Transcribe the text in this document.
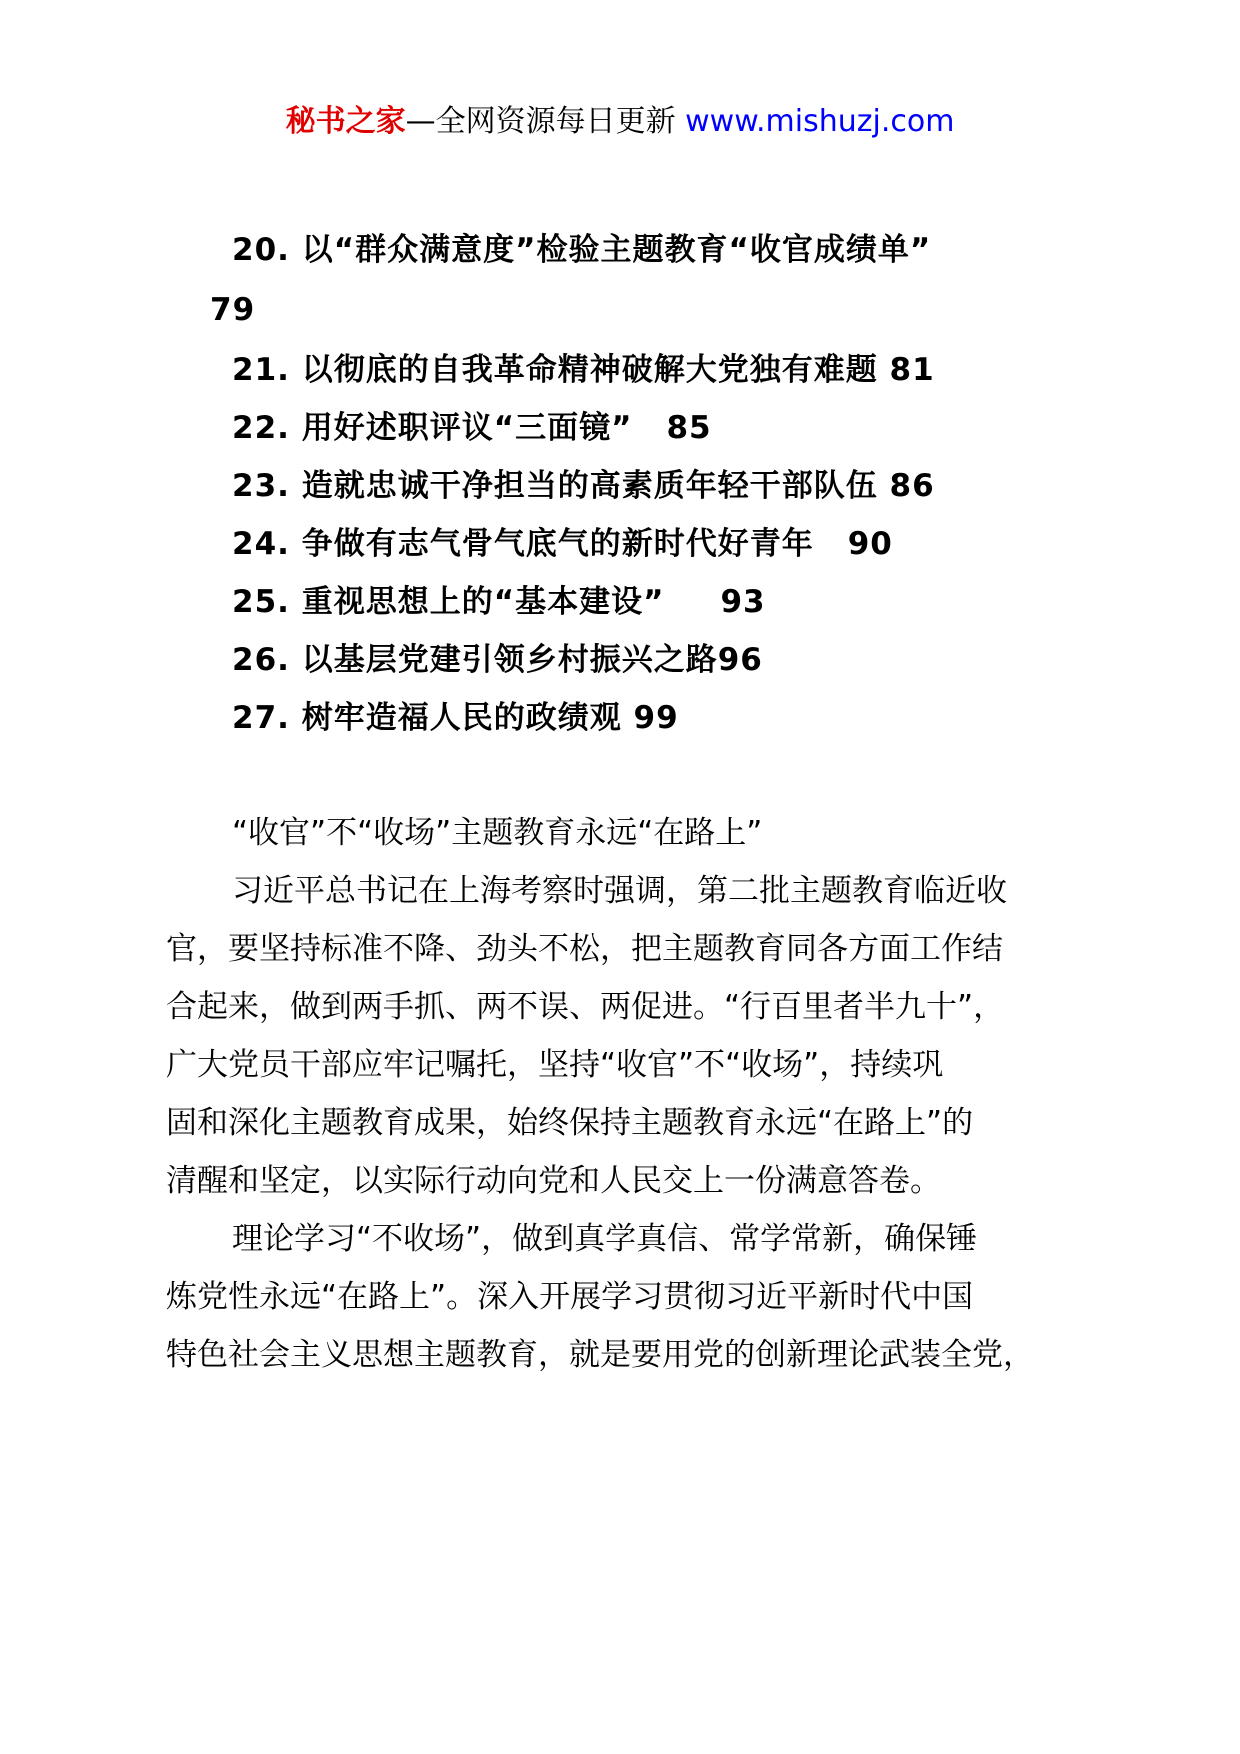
秘书之家—全网资源每日更新 www.mishuzj.com
20. 以“群众满意度”检验主题教育“收官成绩单”
79
21. 以彻底的自我革命精神破解大党独有难题 81
22. 用好述职评议“三面镜” 85
23. 造就忠诚干净担当的高素质年轻干部队伍 86
24. 争做有志气骨气底气的新时代好青年 90
25. 重视思想上的“基本建设” 93
26. 以基层党建引领乡村振兴之路96
27. 树牢造福人民的政绩观 99
“收官”不“收场”主题教育永远“在路上”
习近平总书记在上海考察时强调，第二批主题教育临近收
官，要坚持标准不降、劲头不松，把主题教育同各方面工作结
合起来，做到两手抓、两不误、两促进。“行百里者半九十”，
广大党员干部应牢记嘱托，坚持“收官”不“收场”，持续巩
固和深化主题教育成果，始终保持主题教育永远“在路上”的
清醒和坚定，以实际行动向党和人民交上一份满意答卷。
理论学习“不收场”，做到真学真信、常学常新，确保锤
炼党性永远“在路上”。深入开展学习贯彻习近平新时代中国
特色社会主义思想主题教育，就是要用党的创新理论武装全党，
